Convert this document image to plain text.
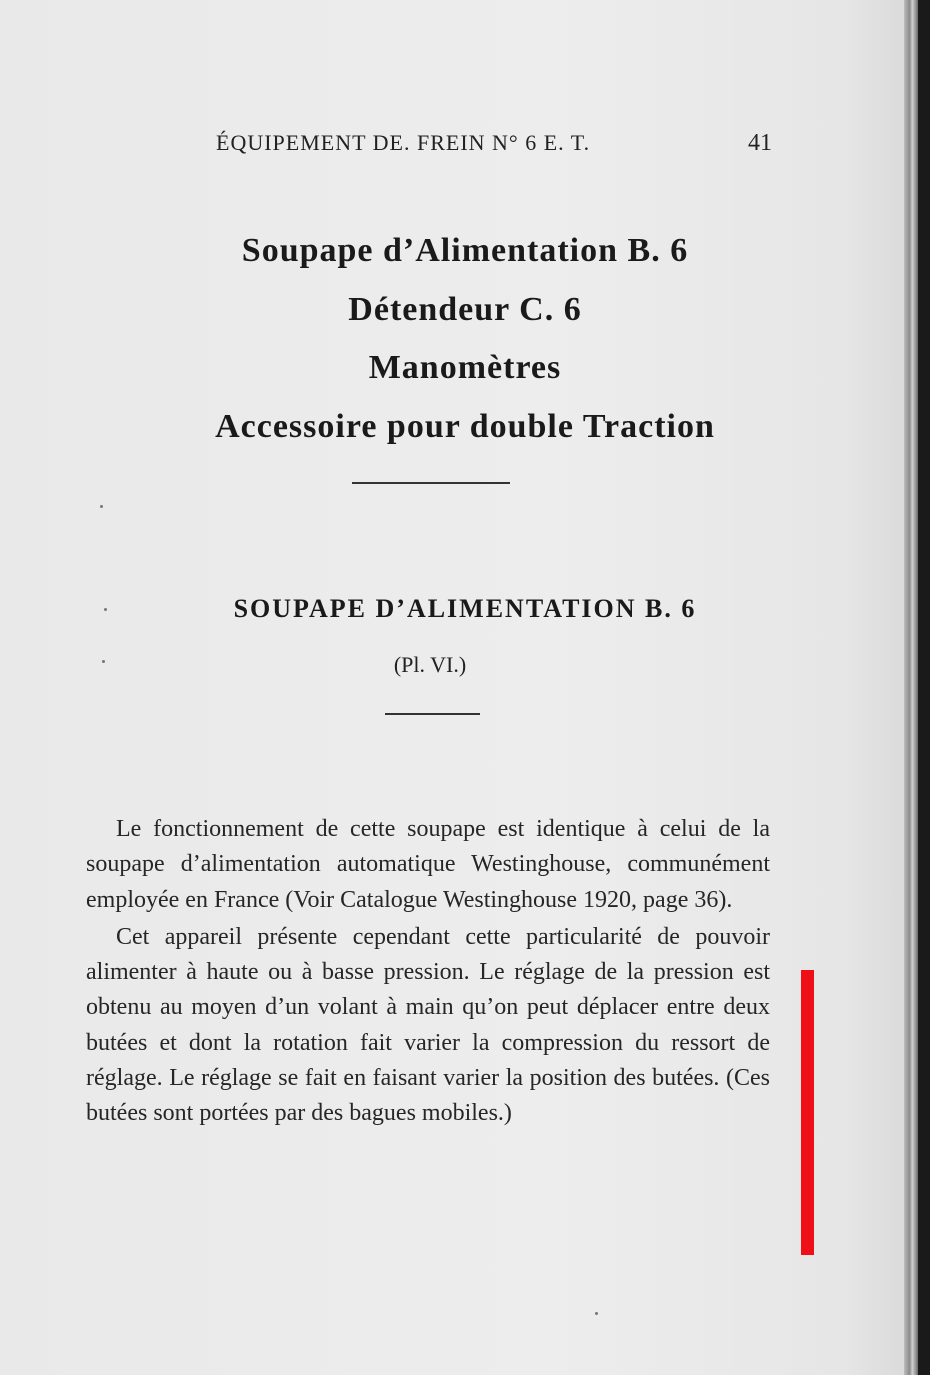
ÉQUIPEMENT DE. FREIN N° 6 E. T.	41
Soupape d’Alimentation B. 6
Détendeur C. 6
Manomètres
Accessoire pour double Traction
SOUPAPE D’ALIMENTATION B. 6
(Pl. VI.)

Le fonctionnement de cette soupape est identique à celui de la soupape d’alimentation automatique Westinghouse, communément employée en France (Voir Catalogue Westinghouse 1920, page 36).

Cet appareil présente cependant cette particularité de pouvoir alimenter à haute ou à basse pression. Le réglage de la pression est obtenu au moyen d’un volant à main qu’on peut déplacer entre deux butées et dont la rotation fait varier la compression du ressort de réglage. Le réglage se fait en faisant varier la position des butées. (Ces butées sont portées par des bagues mobiles.)
